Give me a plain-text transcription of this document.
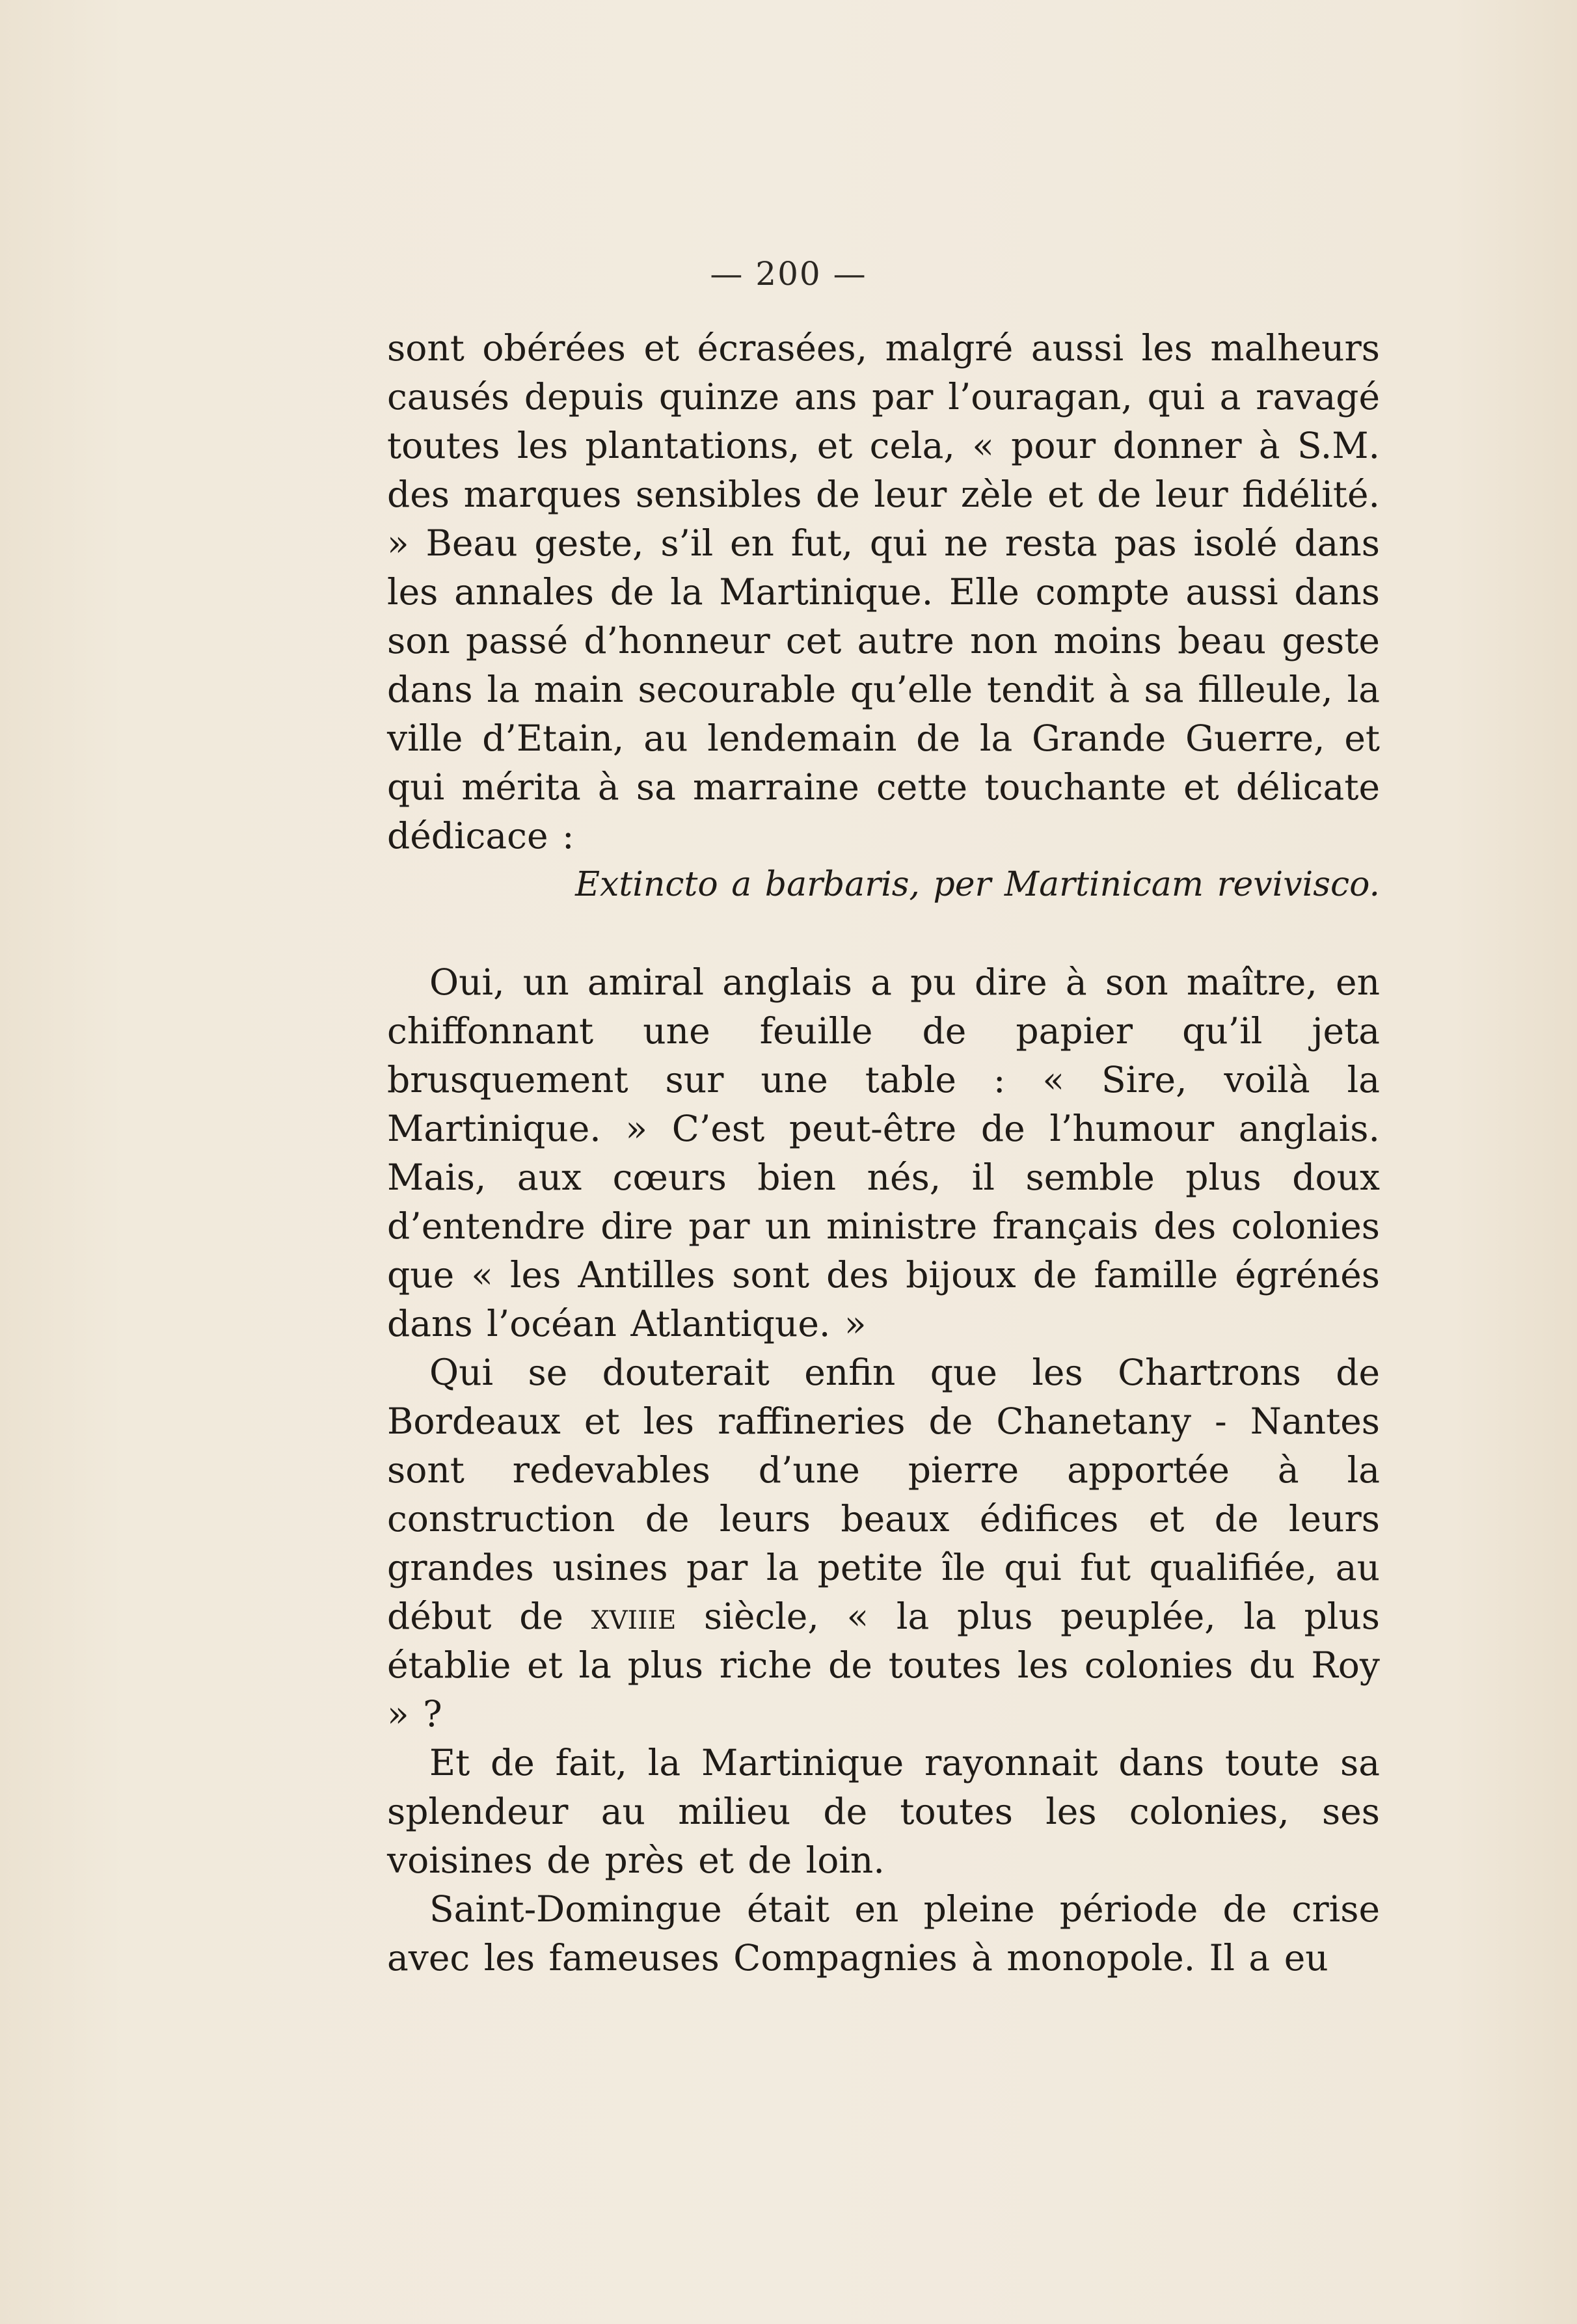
— 200 —

sont obérées et écrasées, malgré aussi les malheurs causés depuis quinze ans par l’ouragan, qui a ravagé toutes les plantations, et cela, « pour donner à S.M. des marques sensibles de leur zèle et de leur fidélité. » Beau geste, s’il en fut, qui ne resta pas isolé dans les annales de la Martinique. Elle compte aussi dans son passé d’honneur cet autre non moins beau geste dans la main secourable qu’elle tendit à sa filleule, la ville d’Etain, au lendemain de la Grande Guerre, et qui mérita à sa marraine cette touchante et délicate dédicace :

Extincto a barbaris, per Martinicam revivisco.

Oui, un amiral anglais a pu dire à son maître, en chiffonnant une feuille de papier qu’il jeta brusquement sur une table : « Sire, voilà la Martinique. » C’est peut-être de l’humour anglais. Mais, aux cœurs bien nés, il semble plus doux d’entendre dire par un ministre français des colonies que « les Antilles sont des bijoux de famille égrénés dans l’océan Atlantique. »

Qui se douterait enfin que les Chartrons de Bordeaux et les raffineries de Chanetany - Nantes sont redevables d’une pierre apportée à la construction de leurs beaux édifices et de leurs grandes usines par la petite île qui fut qualifiée, au début de xviiie siècle, « la plus peuplée, la plus établie et la plus riche de toutes les colonies du Roy » ?

Et de fait, la Martinique rayonnait dans toute sa splendeur au milieu de toutes les colonies, ses voisines de près et de loin.

Saint-Domingue était en pleine période de crise avec les fameuses Compagnies à monopole. Il a eu
